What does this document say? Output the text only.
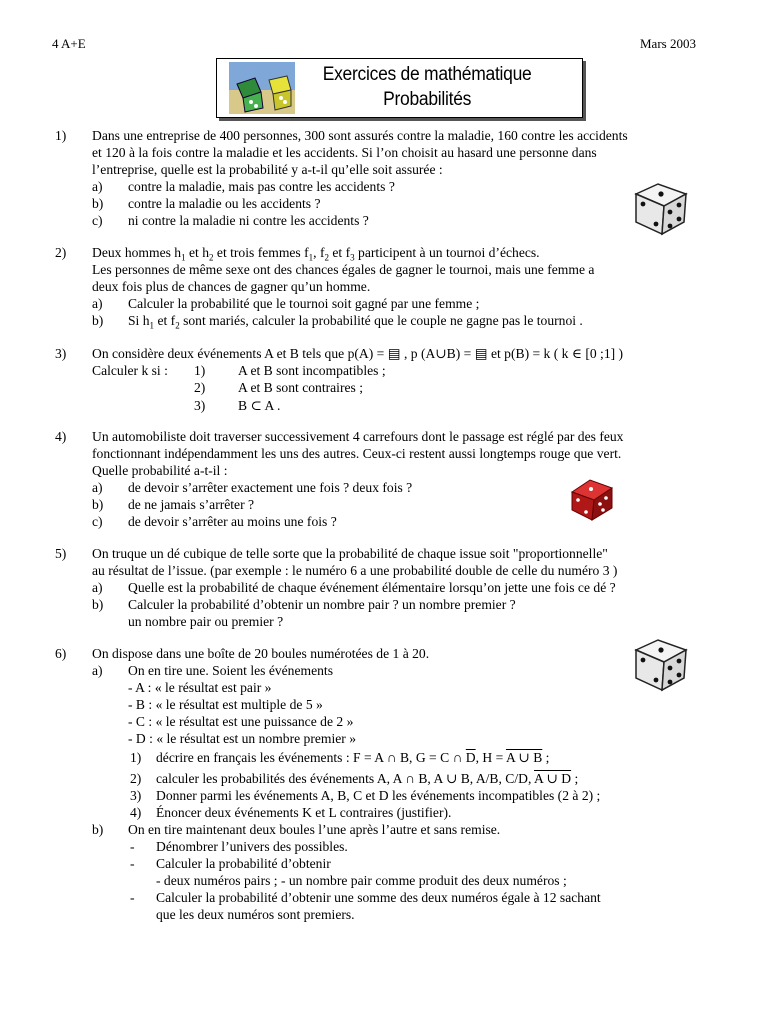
4 A+E	Mars 2003
Exercices de mathématique
Probabilités
1) Dans une entreprise de 400 personnes, 300 sont assurés contre la maladie, 160 contre les accidents
et 120 à la fois contre la maladie et les accidents. Si l’on choisit au hasard une personne dans
l’entreprise, quelle est la probabilité y a-t-il qu’elle soit assurée :
a) contre la maladie, mais pas contre les accidents ?
b) contre la maladie ou les accidents ?
c) ni contre la maladie ni contre les accidents ?
2) Deux hommes $h_1$ et $h_2$ et trois femmes $f_1$, $f_2$ et $f_3$ participent à un tournoi d’échecs.
Les personnes de même sexe ont des chances égales de gagner le tournoi, mais une femme a
deux fois plus de chances de gagner qu’un homme.
a) Calculer la probabilité que le tournoi soit gagné par une femme ;
b) Si $h_1$ et $f_2$ sont mariés, calculer la probabilité que le couple ne gagne pas le tournoi .
3) On considère deux événements A et B tels que p(A) = ▤ , p (A∪B) = ▤ et p(B) = k ( k ∈ [0 ;1] )
Calculer k si : 1) A et B sont incompatibles ;
2) A et B sont contraires ;
3) B ⊂ A .
4) Un automobiliste doit traverser successivement 4 carrefours dont le passage est réglé par des feux
fonctionnant indépendamment les uns des autres. Ceux-ci restent aussi longtemps rouge que vert.
Quelle probabilité a-t-il :
a) de devoir s’arrêter exactement une fois ? deux fois ?
b) de ne jamais s’arrêter ?
c) de devoir s’arrêter au moins une fois ?
5) On truque un dé cubique de telle sorte que la probabilité de chaque issue soit "proportionnelle"
au résultat de l’issue. (par exemple : le numéro 6 a une probabilité double de celle du numéro 3 )
a) Quelle est la probabilité de chaque événement élémentaire lorsqu’on jette une fois ce dé ?
b) Calculer la probabilité d’obtenir un nombre pair ? un nombre premier ?
un nombre pair ou premier ?
6) On dispose dans une boîte de 20 boules numérotées de 1 à 20.
a) On en tire une. Soient les événements
- A : « le résultat est pair »
- B : « le résultat est multiple de 5 »
- C : « le résultat est une puissance de 2 »
- D : « le résultat est un nombre premier »
1) décrire en français les événements : F = A ∩ B, G = C ∩ $\overline{D}$, H = A ∪ B ;
2) calculer les probabilités des événements A, A ∩ B, A ∪ B, A/B, C/D, A ∪ D ;
3) Donner parmi les événements A, B, C et D les événements incompatibles (2 à 2) ;
4) Énoncer deux événements K et L contraires (justifier).
b) On en tire maintenant deux boules l’une après l’autre et sans remise.
- Dénombrer l’univers des possibles.
- Calculer la probabilité d’obtenir
- deux numéros pairs ; - un nombre pair comme produit des deux numéros ;
- Calculer la probabilité d’obtenir une somme des deux numéros égale à 12 sachant
que les deux numéros sont premiers.
